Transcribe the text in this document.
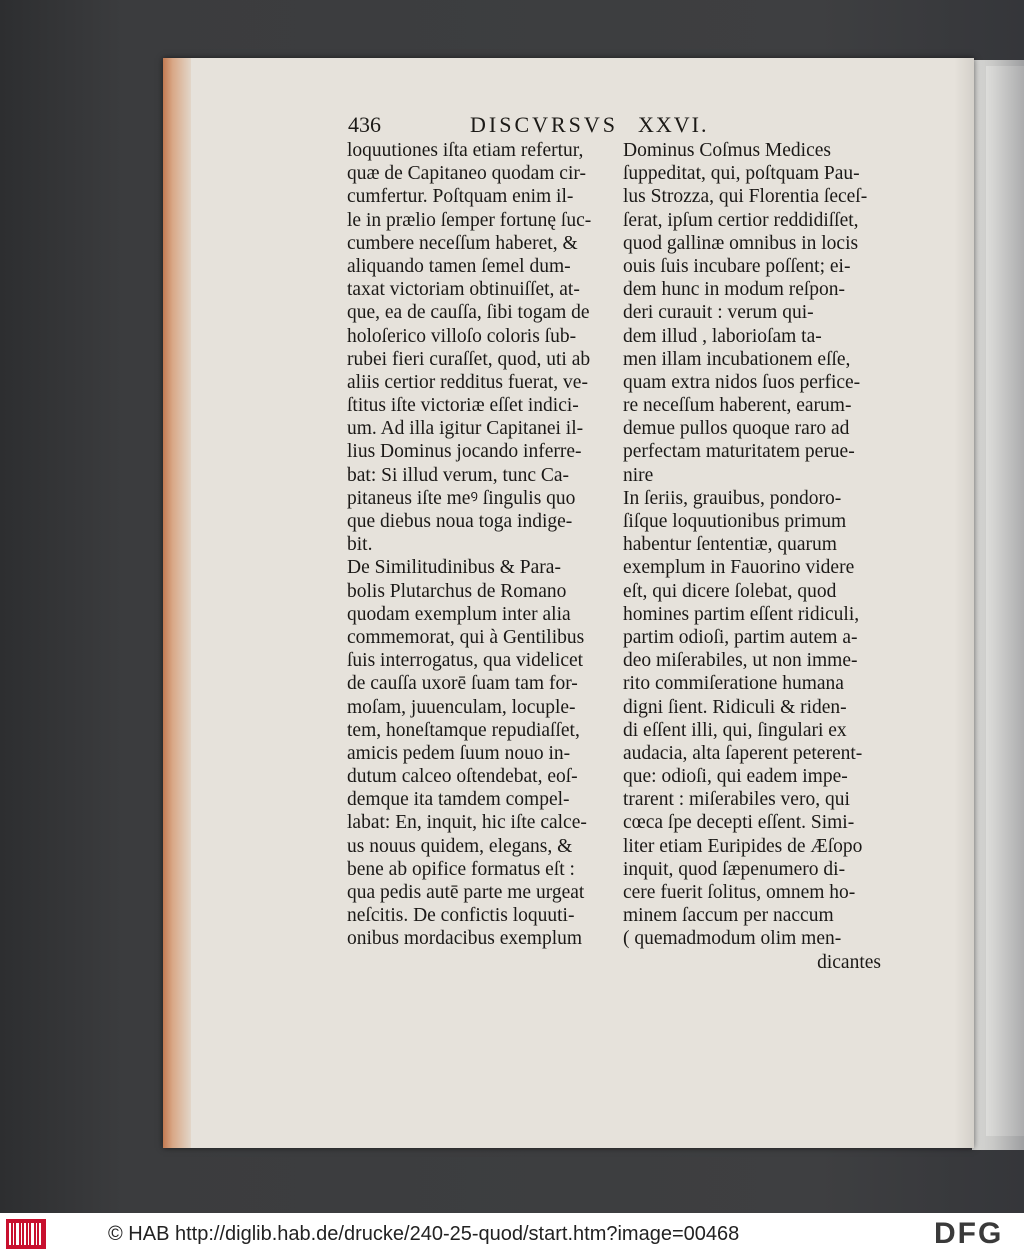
436	DISCVRSVS XXVI.
loquutiones iſta etiam refertur,
quæ de Capitaneo quodam cir-
cumfertur. Poſtquam enim il-
le in prælio ſemper fortunę ſuc-
cumbere neceſſum haberet, &
aliquando tamen ſemel dum-
taxat victoriam obtinuiſſet, at-
que, ea de cauſſa, ſibi togam de
holoſerico villoſo coloris ſub-
rubei fieri curaſſet, quod, uti ab
aliis certior redditus fuerat, ve-
ſtitus iſte victoriæ eſſet indici-
um. Ad illa igitur Capitanei il-
lius Dominus jocando inferre-
bat: Si illud verum, tunc Ca-
pitaneus iſte meꝰ ſingulis quo
que diebus noua toga indige-
bit.
De Similitudinibus & Para-
bolis Plutarchus de Romano
quodam exemplum inter alia
commemorat, qui à Gentilibus
ſuis interrogatus, qua videlicet
de cauſſa uxorē ſuam tam for-
moſam, juuenculam, locuple-
tem, honeſtamque repudiaſſet,
amicis pedem ſuum nouo in-
dutum calceo oſtendebat, eoſ-
demque ita tamdem compel-
labat: En, inquit, hic iſte calce-
us nouus quidem, elegans, &
bene ab opifice formatus eſt :
qua pedis autē parte me urgeat
neſcitis. De confictis loquuti-
onibus mordacibus exemplum
Dominus Coſmus Medices
ſuppeditat, qui, poſtquam Pau-
lus Strozza, qui Florentia ſeceſ-
ſerat, ipſum certior reddidiſſet,
quod gallinæ omnibus in locis
ouis ſuis incubare poſſent; ei-
dem hunc in modum reſpon-
deri curauit : verum qui-
dem illud , laborioſam ta-
men illam incubationem eſſe,
quam extra nidos ſuos perfice-
re neceſſum haberent, earum-
demue pullos quoque raro ad
perfectam maturitatem perue-
nire
In ſeriis, grauibus, pondoro-
ſiſque loquutionibus primum
habentur ſententiæ, quarum
exemplum in Fauorino videre
eſt, qui dicere ſolebat, quod
homines partim eſſent ridiculi,
partim odioſi, partim autem a-
deo miſerabiles, ut non imme-
rito commiſeratione humana
digni ſient. Ridiculi & riden-
di eſſent illi, qui, ſingulari ex
audacia, alta ſaperent peterent-
que: odioſi, qui eadem impe-
trarent : miſerabiles vero, qui
cœca ſpe decepti eſſent. Simi-
liter etiam Euripides de Æſopo
inquit, quod ſæpenumero di-
cere fuerit ſolitus, omnem ho-
minem ſaccum per naccum
( quemadmodum olim men-
dicantes
© HAB http://diglib.hab.de/drucke/240-25-quod/start.htm?image=00468	DFG
